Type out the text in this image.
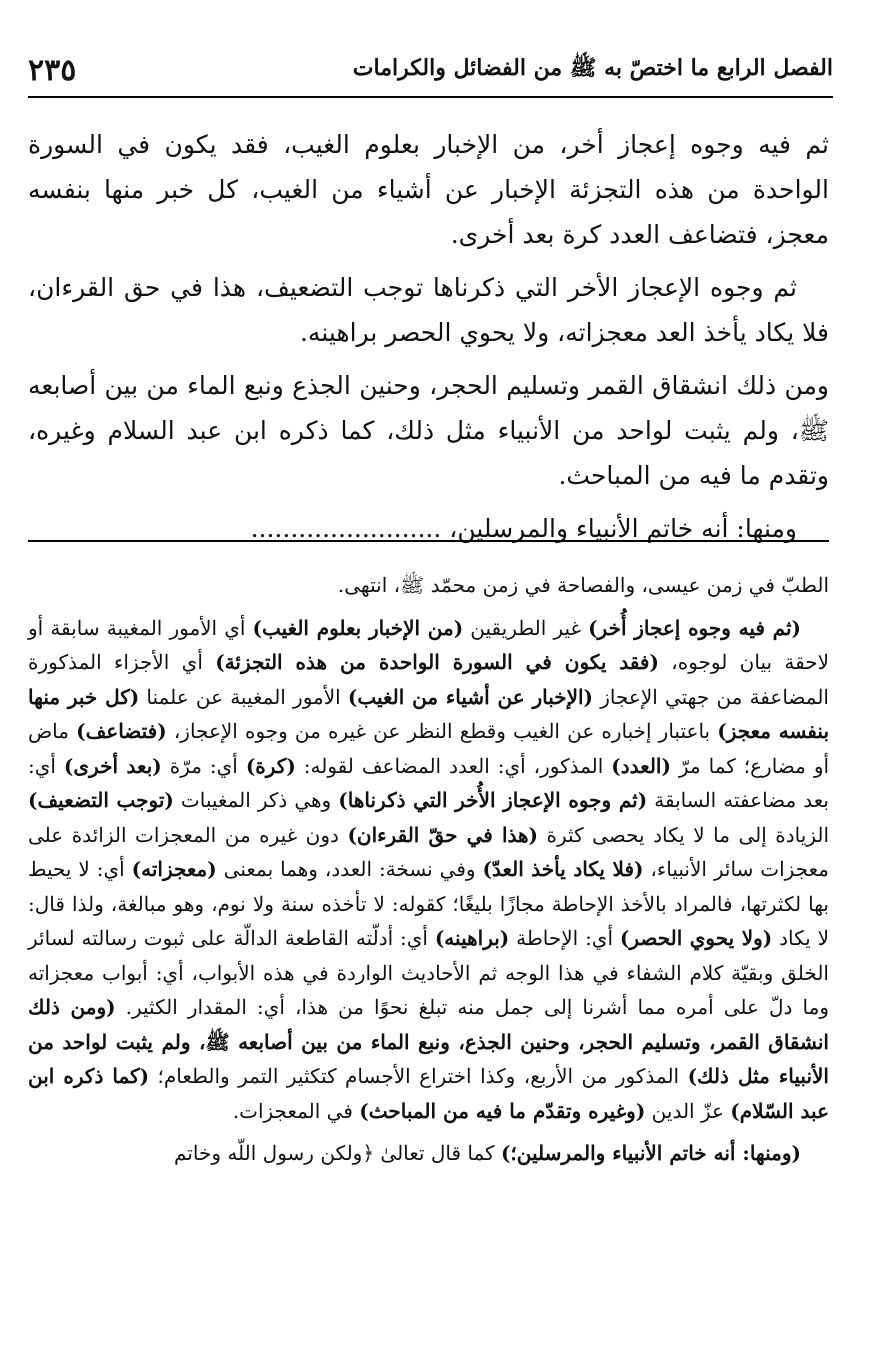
الفصل الرابع ما اختصّ به ﷺ من الفضائل والكرامات
٢٣٥

ثم فيه وجوه إعجاز أخر، من الإخبار بعلوم الغيب، فقد يكون في السورة الواحدة من هذه التجزئة الإخبار عن أشياء من الغيب، كل خبر منها بنفسه معجز، فتضاعف العدد كرة بعد أخرى.

ثم وجوه الإعجاز الأخر التي ذكرناها توجب التضعيف، هذا في حق القرءان، فلا يكاد يأخذ العد معجزاته، ولا يحوي الحصر براهينه.

ومن ذلك انشقاق القمر وتسليم الحجر، وحنين الجذع ونبع الماء من بين أصابعه ﷺ، ولم يثبت لواحد من الأنبياء مثل ذلك، كما ذكره ابن عبد السلام وغيره، وتقدم ما فيه من المباحث.

ومنها: أنه خاتم الأنبياء والمرسلين، ........................

الطبّ في زمن عيسى، والفصاحة في زمن محمّد ﷺ، انتهى.

(ثم فيه وجوه إعجاز أُخر) غير الطريقين (من الإخبار بعلوم الغيب) أي الأمور المغيبة سابقة أو لاحقة بيان لوجوه، (فقد يكون في السورة الواحدة من هذه التجزئة) أي الأجزاء المذكورة المضاعفة من جهتي الإعجاز (الإخبار عن أشياء من الغيب) الأمور المغيبة عن علمنا (كل خبر منها بنفسه معجز) باعتبار إخباره عن الغيب وقطع النظر عن غيره من وجوه الإعجاز، (فتضاعف) ماض أو مضارع؛ كما مرّ (العدد) المذكور، أي: العدد المضاعف لقوله: (كرة) أي: مرّة (بعد أخرى) أي: بعد مضاعفته السابقة (ثم وجوه الإعجاز الأُخر التي ذكرناها) وهي ذكر المغيبات (توجب التضعيف) الزيادة إلى ما لا يكاد يحصى كثرة (هذا في حقّ القرءان) دون غيره من المعجزات الزائدة على معجزات سائر الأنبياء، (فلا يكاد يأخذ العدّ) وفي نسخة: العدد، وهما بمعنى (معجزاته) أي: لا يحيط بها لكثرتها، فالمراد بالأخذ الإحاطة مجازًا بليغًا؛ كقوله: لا تأخذه سنة ولا نوم، وهو مبالغة، ولذا قال: لا يكاد (ولا يحوي الحصر) أي: الإحاطة (براهينه) أي: أدلّته القاطعة الدالّة على ثبوت رسالته لسائر الخلق وبقيّة كلام الشفاء في هذا الوجه ثم الأحاديث الواردة في هذه الأبواب، أي: أبواب معجزاته وما دلّ على أمره مما أشرنا إلى جمل منه تبلغ نحوًا من هذا، أي: المقدار الكثير. (ومن ذلك انشقاق القمر، وتسليم الحجر، وحنين الجذع، ونبع الماء من بين أصابعه ﷺ، ولم يثبت لواحد من الأنبياء مثل ذلك) المذكور من الأربع، وكذا اختراع الأجسام كتكثير التمر والطعام؛ (كما ذكره ابن عبد السّلام) عزّ الدين (وغيره وتقدّم ما فيه من المباحث) في المعجزات.

(ومنها: أنه خاتم الأنبياء والمرسلين؛) كما قال تعالىٰ ﴿ولكن رسول اللّه وخاتم
